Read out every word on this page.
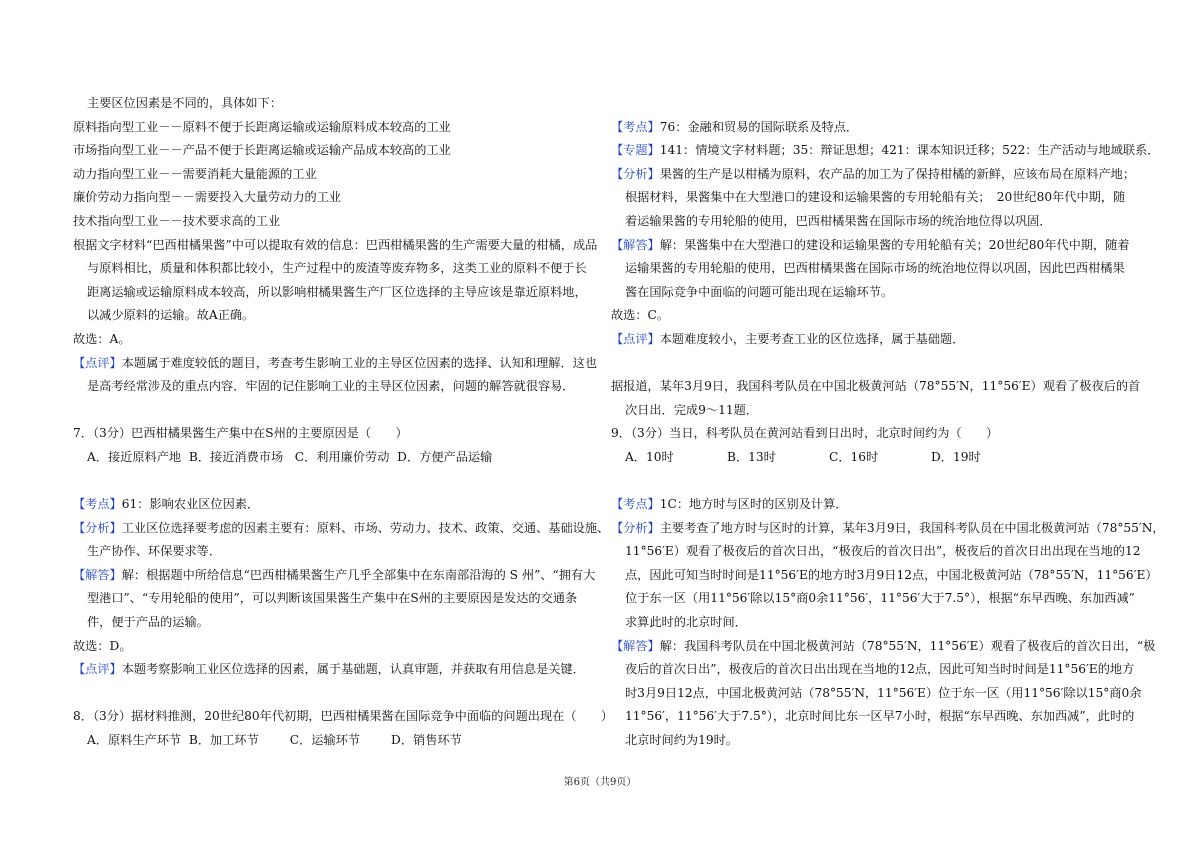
主要区位因素是不同的，具体如下：

原料指向型工业－－原料不便于长距离运输或运输原料成本较高的工业

市场指向型工业－－产品不便于长距离运输或运输产品成本较高的工业

动力指向型工业－－需要消耗大量能源的工业

廉价劳动力指向型－－需要投入大量劳动力的工业

技术指向型工业－－技术要求高的工业

根据文字材料“巴西柑橘果酱”中可以提取有效的信息：巴西柑橘果酱的生产需要大量的柑橘，成品

与原料相比，质量和体积都比较小，生产过程中的废渣等废弃物多，这类工业的原料不便于长

距离运输或运输原料成本较高，所以影响柑橘果酱生产厂区位选择的主导应该是靠近原料地，

以减少原料的运输。故A正确。

故选：A。

【点评】本题属于难度较低的题目，考查考生影响工业的主导区位因素的选择、认知和理解．这也

是高考经常涉及的重点内容．牢固的记住影响工业的主导区位因素，问题的解答就很容易．

7．（3分）巴西柑橘果酱生产集中在S州的主要原因是（　　）

A．接近原料产地 B．接近消费市场 C．利用廉价劳动 D．方便产品运输

【考点】61：影响农业区位因素．

【分析】工业区位选择要考虑的因素主要有：原料、市场、劳动力、技术、政策、交通、基础设施、

生产协作、环保要求等．

【解答】解：根据题中所给信息“巴西柑橘果酱生产几乎全部集中在东南部沿海的 S 州”、“拥有大

型港口”、“专用轮船的使用”，可以判断该国果酱生产集中在S州的主要原因是发达的交通条

件，便于产品的运输。

故选：D。

【点评】本题考察影响工业区位选择的因素，属于基础题，认真审题，并获取有用信息是关键．

8．（3分）据材料推测，20世纪80年代初期，巴西柑橘果酱在国际竞争中面临的问题出现在（　　）

A．原料生产环节 B．加工环节	C．运输环节	D．销售环节

【考点】76：金融和贸易的国际联系及特点．

【专题】141：情境文字材料题；35：辩证思想；421：课本知识迁移；522：生产活动与地域联系．

【分析】果酱的生产是以柑橘为原料，农产品的加工为了保持柑橘的新鲜，应该布局在原料产地；

根据材料，果酱集中在大型港口的建设和运输果酱的专用轮船有关；　20世纪80年代中期，随

着运输果酱的专用轮船的使用，巴西柑橘果酱在国际市场的统治地位得以巩固．

【解答】解：果酱集中在大型港口的建设和运输果酱的专用轮船有关；20世纪80年代中期，随着

运输果酱的专用轮船的使用，巴西柑橘果酱在国际市场的统治地位得以巩固，因此巴西柑橘果

酱在国际竞争中面临的问题可能出现在运输环节。

故选：C。

【点评】本题难度较小，主要考查工业的区位选择，属于基础题．

据报道，某年3月9日，我国科考队员在中国北极黄河站（78°55′N，11°56′E）观看了极夜后的首

次日出．完成9～11题．

9．（3分）当日，科考队员在黄河站看到日出时，北京时间约为（　　）

A．10时	B．13时	C．16时	D．19时

【考点】1C：地方时与区时的区别及计算．

【分析】主要考查了地方时与区时的计算，某年3月9日，我国科考队员在中国北极黄河站（78°55′N，

11°56′E）观看了极夜后的首次日出，“极夜后的首次日出”，极夜后的首次日出出现在当地的12

点，因此可知当时时间是11°56′E的地方时3月9日12点，中国北极黄河站（78°55′N，11°56′E）

位于东一区（用11°56′除以15°商0余11°56′，11°56′大于7.5°），根据“东早西晚、东加西减”

求算此时的北京时间．

【解答】解：我国科考队员在中国北极黄河站（78°55′N，11°56′E）观看了极夜后的首次日出，“极

夜后的首次日出”，极夜后的首次日出出现在当地的12点，因此可知当时时间是11°56′E的地方

时3月9日12点，中国北极黄河站（78°55′N，11°56′E）位于东一区（用11°56′除以15°商0余

11°56′，11°56′大于7.5°），北京时间比东一区早7小时，根据“东早西晚、东加西减”，此时的

北京时间约为19时。

第6页（共9页）
